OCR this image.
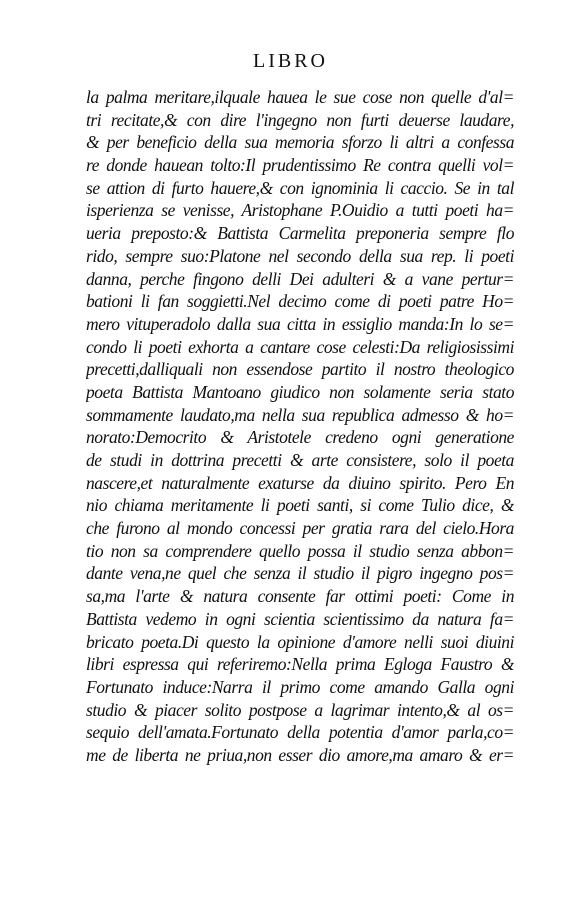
LIBRO
la palma meritare,ilquale hauea le sue cose non quelle d'al=
tri recitate,& con dire l'ingegno non furti deuerse laudare,
& per beneficio della sua memoria sforzo li altri a confessa
re donde hauean tolto:Il prudentissimo Re contra quelli vol=
se attion di furto hauere,& con ignominia li caccio. Se in tal
isperienza se venisse, Aristophane P.Ouidio a tutti poeti ha=
ueria preposto:& Battista Carmelita preponeria sempre flo
rido, sempre suo:Platone nel secondo della sua rep. li poeti
danna, perche fingono delli Dei adulteri & a vane pertur=
bationi li fan soggietti.Nel decimo come di poeti patre Ho=
mero vituperadolo dalla sua citta in essiglio manda:In lo se=
condo li poeti exhorta a cantare cose celesti:Da religiosissimi
precetti,dalliquali non essendose partito il nostro theologico
poeta Battista Mantoano giudico non solamente seria stato
sommamente laudato,ma nella sua republica admesso & ho=
norato:Democrito & Aristotele credeno ogni generatione
de studi in dottrina precetti & arte consistere, solo il poeta
nascere,et naturalmente exaturse da diuino spirito. Pero En
nio chiama meritamente li poeti santi, si come Tulio dice, &
che furono al mondo concessi per gratia rara del cielo.Hora
tio non sa comprendere quello possa il studio senza abbon=
dante vena,ne quel che senza il studio il pigro ingegno pos=
sa,ma l'arte & natura consente far ottimi poeti: Come in
Battista vedemo in ogni scientia scientissimo da natura fa=
bricato poeta.Di questo la opinione d'amore nelli suoi diuini
libri espressa qui referiremo:Nella prima Egloga Faustro &
Fortunato induce:Narra il primo come amando Galla ogni
studio & piacer solito postpose a lagrimar intento,& al os=
sequio dell'amata.Fortunato della potentia d'amor parla,co=
me de liberta ne priua,non esser dio amore,ma amaro & er=
